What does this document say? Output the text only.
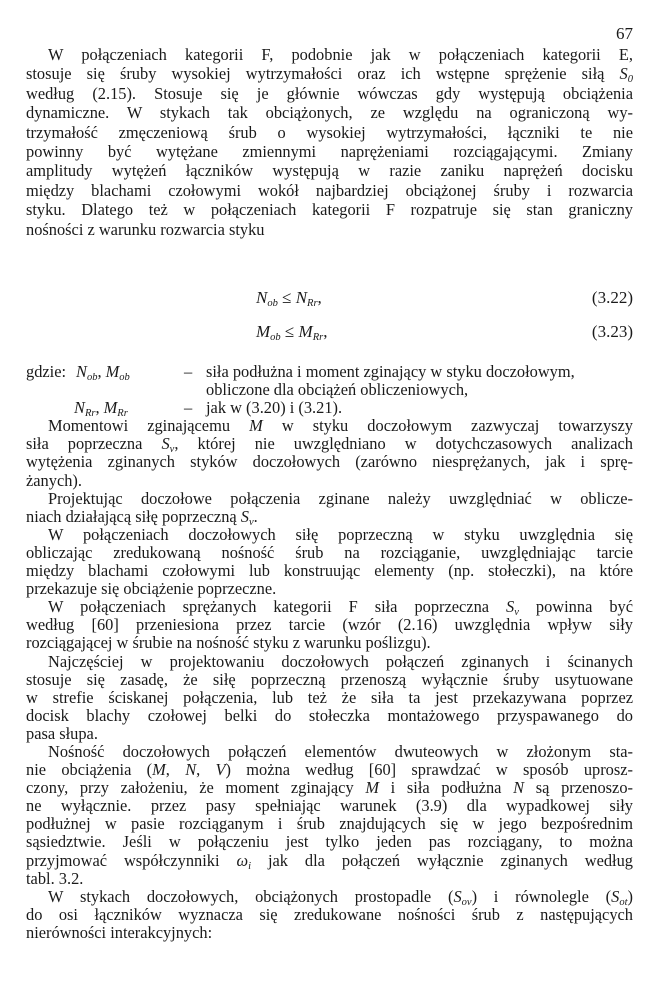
67
W połączeniach kategorii F, podobnie jak w połączeniach kategorii E,
stosuje się śruby wysokiej wytrzymałości oraz ich wstępne sprężenie siłą $S_0$
według (2.15). Stosuje się je głównie wówczas gdy występują obciążenia
dynamiczne. W stykach tak obciążonych, ze względu na ograniczoną wy-
trzymałość zmęczeniową śrub o wysokiej wytrzymałości, łączniki te nie
powinny być wytężane zmiennymi naprężeniami rozciągającymi. Zmiany
amplitudy wytężeń łączników występują w razie zaniku naprężeń docisku
między blachami czołowymi wokół najbardziej obciążonej śruby i rozwarcia
styku. Dlatego też w połączeniach kategorii F rozpatruje się stan graniczny
nośności z warunku rozwarcia styku
$N_{ob} \le N_{Rr}$,	(3.22)
$M_{ob} \le M_{Rr}$,	(3.23)
gdzie: $N_{ob}$, $M_{ob}$	– siła podłużna i moment zginający w styku doczołowym,
obliczone dla obciążeń obliczeniowych,
$N_{Rr}$, $M_{Rr}$	– jak w (3.20) i (3.21).
Momentowi zginającemu M w styku doczołowym zazwyczaj towarzyszy
siła poprzeczna $S_v$, której nie uwzględniano w dotychczasowych analizach
wytężenia zginanych styków doczołowych (zarówno niesprężanych, jak i sprę-
żanych).
Projektując doczołowe połączenia zginane należy uwzględniać w oblicze-
niach działającą siłę poprzeczną $S_v$.
W połączeniach doczołowych siłę poprzeczną w styku uwzględnia się
obliczając zredukowaną nośność śrub na rozciąganie, uwzględniając tarcie
między blachami czołowymi lub konstruując elementy (np. stołeczki), na które
przekazuje się obciążenie poprzeczne.
W połączeniach sprężanych kategorii F siła poprzeczna $S_v$ powinna być
według [60] przeniesiona przez tarcie (wzór (2.16) uwzględnia wpływ siły
rozciągającej w śrubie na nośność styku z warunku poślizgu).
Najczęściej w projektowaniu doczołowych połączeń zginanych i ścinanych
stosuje się zasadę, że siłę poprzeczną przenoszą wyłącznie śruby usytuowane
w strefie ściskanej połączenia, lub też że siła ta jest przekazywana poprzez
docisk blachy czołowej belki do stołeczka montażowego przyspawanego do
pasa słupa.
Nośność doczołowych połączeń elementów dwuteowych w złożonym sta-
nie obciążenia (M, N, V) można według [60] sprawdzać w sposób uprosz-
czony, przy założeniu, że moment zginający M i siła podłużna N są przenoszo-
ne wyłącznie. przez pasy spełniając warunek (3.9) dla wypadkowej siły
podłużnej w pasie rozciąganym i śrub znajdujących się w jego bezpośrednim
sąsiedztwie. Jeśli w połączeniu jest tylko jeden pas rozciągany, to można
przyjmować współczynniki $\omega_i$ jak dla połączeń wyłącznie zginanych według
tabl. 3.2.
W stykach doczołowych, obciążonych prostopadle $(S_{ov})$ i równolegle $(S_{ot})$
do osi łączników wyznacza się zredukowane nośności śrub z następujących
nierówności interakcyjnych:
